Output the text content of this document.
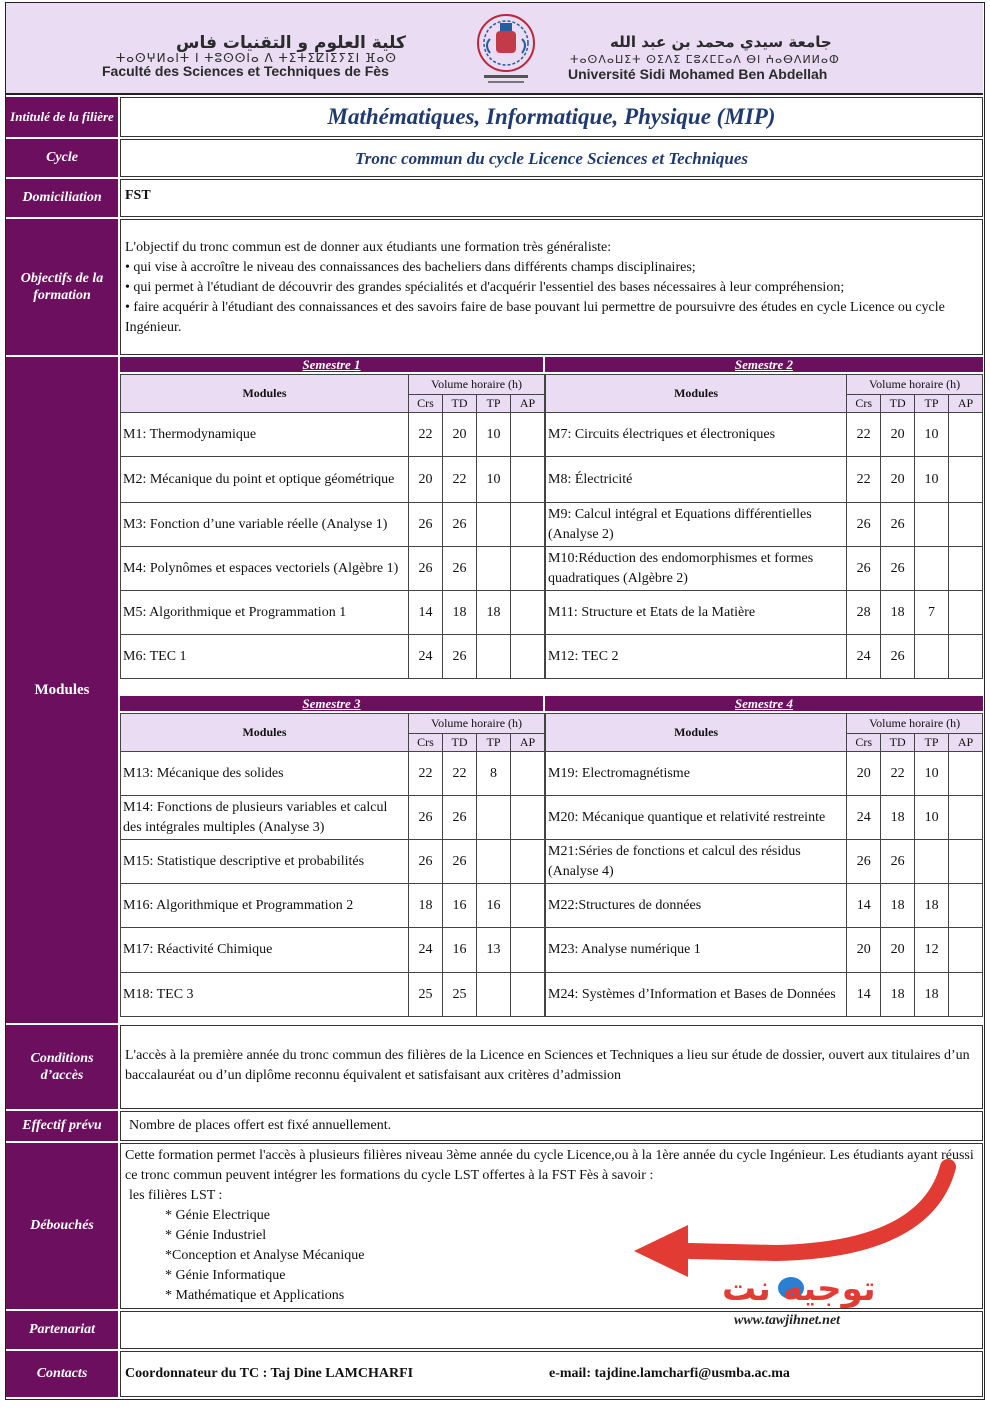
كلية العلوم و التقنيات فاس
ⵜⴰⵙⵖⵍⴰⵏⵜ ⵏ ⵜⵓⵙⵙⵏⴰ ⴷ ⵜⵉⵜⵉⵇⵏⵉⵢⵉⵏ ⴼⴰⵙ
Faculté des Sciences et Techniques de Fès
جامعة سيدي محمد بن عبد الله
ⵜⴰⵙⴷⴰⵡⵉⵜ ⵙⵉⴷⵉ ⵎⵓⵃⵎⵎⴰⴷ ⴱⵏ ⵄⴰⴱⴷⵍⵍⴰⵀ
Université Sidi Mohamed Ben Abdellah
Intitulé de la filière	Mathématiques, Informatique, Physique (MIP)
Cycle	Tronc commun du cycle Licence Sciences et Techniques
Domiciliation	FST
Objectifs de la formation
L'objectif du tronc commun est de donner aux étudiants une formation très généraliste:
• qui vise à accroître le niveau des connaissances des bacheliers dans différents champs disciplinaires;
• qui permet à l'étudiant de découvrir des grandes spécialités et d'acquérir l'essentiel des bases nécessaires à leur compréhension;
• faire acquérir à l'étudiant des connaissances et des savoirs faire de base pouvant lui permettre de poursuivre des études en cycle Licence ou cycle Ingénieur.
Modules
Conditions d’accès
L'accès à la première année du tronc commun des filières de la Licence en Sciences et Techniques a lieu sur étude de dossier, ouvert aux titulaires d’un baccalauréat ou d’un diplôme reconnu équivalent et satisfaisant aux critères d’admission
Effectif prévu	Nombre de places offert est fixé annuellement.
Débouchés
Cette formation permet l'accès à plusieurs filières niveau 3ème année du cycle Licence,ou à la 1ère année du cycle Ingénieur. Les étudiants ayant réussi ce tronc commun peuvent intégrer les formations du cycle LST offertes à la FST Fès à savoir :
les filières LST :
* Génie Electrique
* Génie Industriel
*Conception et Analyse Mécanique
* Génie Informatique
* Mathématique et Applications
Partenariat
Contacts	Coordonnateur du TC : Taj Dine LAMCHARFI	e-mail: tajdine.lamcharfi@usmba.ac.ma
توجيه نت
www.tawjihnet.net
Semestre 1
Modules	Volume horaire (h)			
	Crs	TD	TP	AP
M1: Thermodynamique	22	20	10	
M2: Mécanique du point et optique géométrique	20	22	10	
M3: Fonction d’une variable réelle (Analyse 1)	26	26		
M4: Polynômes et espaces vectoriels (Algèbre 1)	26	26		
M5: Algorithmique et Programmation 1	14	18	18	
M6: TEC 1	24	26		
Semestre 2
Modules	Volume horaire (h)			
	Crs	TD	TP	AP
M7: Circuits électriques et électroniques	22	20	10	
M8: Électricité	22	20	10	
M9: Calcul intégral et Equations différentielles (Analyse 2)	26	26		
M10:Réduction des endomorphismes et formes quadratiques (Algèbre 2)	26	26		
M11: Structure et Etats de la Matière	28	18	7	
M12: TEC 2	24	26		
Semestre 3
Modules	Volume horaire (h)			
	Crs	TD	TP	AP
M13: Mécanique des solides	22	22	8	
M14: Fonctions de plusieurs variables et calcul des intégrales multiples (Analyse 3)	26	26		
M15: Statistique descriptive et probabilités	26	26		
M16: Algorithmique et Programmation 2	18	16	16	
M17: Réactivité Chimique	24	16	13	
M18: TEC 3	25	25		
Semestre 4
Modules	Volume horaire (h)			
	Crs	TD	TP	AP
M19: Electromagnétisme	20	22	10	
M20: Mécanique quantique et relativité restreinte	24	18	10	
M21:Séries de fonctions et calcul des résidus (Analyse 4)	26	26		
M22:Structures de données	14	18	18	
M23: Analyse numérique 1	20	20	12	
M24: Systèmes d’Information et Bases de Données	14	18	18	
